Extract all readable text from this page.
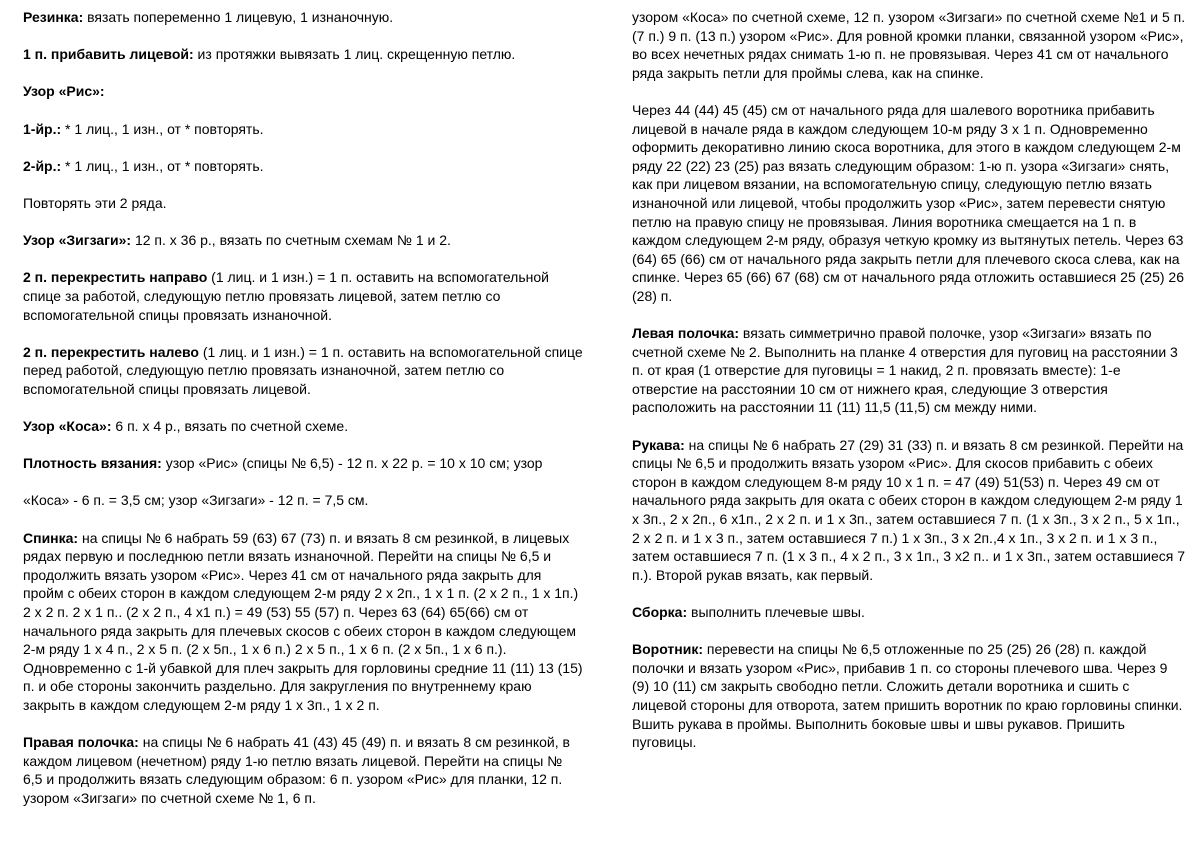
Резинка: вязать попеременно 1 лицевую, 1 изнаночную.

1 п. прибавить лицевой: из протяжки вывязать 1 лиц. скрещенную петлю.

Узор «Рис»:

1-йр.: * 1 лиц., 1 изн., от * повторять.

2-йр.: * 1 лиц., 1 изн., от * повторять.

Повторять эти 2 ряда.

Узор «Зигзаги»: 12 п. х 36 р., вязать по счетным схемам № 1 и 2.

2 п. перекрестить направо (1 лиц. и 1 изн.) = 1 п. оставить на вспомогательной спице за работой, следующую петлю провязать лицевой, затем петлю со вспомогательной спицы провязать изнаночной.

2 п. перекрестить налево (1 лиц. и 1 изн.) = 1 п. оставить на вспомогательной спице перед работой, следующую петлю провязать изнаночной, затем петлю со вспомогательной спицы провязать лицевой.

Узор «Коса»: 6 п. х 4 р., вязать по счетной схеме.

Плотность вязания: узор «Рис» (спицы № 6,5) - 12 п. х 22 р. = 10 х 10 см; узор

«Коса» - 6 п. = 3,5 см; узор «Зигзаги» - 12 п. = 7,5 см.

Спинка: на спицы № 6 набрать 59 (63) 67 (73) п. и вязать 8 см резинкой, в лицевых рядах первую и последнюю петли вязать изнаночной. Перейти на спицы № 6,5 и продолжить вязать узором «Рис». Через 41 см от начального ряда закрыть для пройм с обеих сторон в каждом следующем 2-м ряду 2 х 2п., 1 х 1 п. (2 х 2 п., 1 х 1п.) 2 х 2 п. 2 х 1 п.. (2 х 2 п., 4 х1 п.) = 49 (53) 55 (57) п. Через 63 (64) 65(66) см от начального ряда закрыть для плечевых скосов с обеих сторон в каждом следующем 2-м ряду 1 х 4 п., 2 х 5 п. (2 х 5п., 1 х 6 п.) 2 х 5 п., 1 х 6 п. (2 х 5п., 1 х 6 п.). Одновременно с 1-й убавкой для плеч закрыть для горловины средние 11 (11) 13 (15) п. и обе стороны закончить раздельно. Для закругления по внутреннему краю закрыть в каждом следующем 2-м ряду 1 х 3п., 1 х 2 п.

Правая полочка: на спицы № 6 набрать 41 (43) 45 (49) п. и вязать 8 см резинкой, в каждом лицевом (нечетном) ряду 1-ю петлю вязать лицевой. Перейти на спицы № 6,5 и продолжить вязать следующим образом: 6 п. узором «Рис» для планки, 12 п. узором «Зигзаги» по счетной схеме № 1, 6 п.

узором «Коса» по счетной схеме, 12 п. узором «Зигзаги» по счетной схеме №1 и 5 п. (7 п.) 9 п. (13 п.) узором «Рис». Для ровной кромки планки, связанной узором «Рис», во всех нечетных рядах снимать 1-ю п. не провязывая. Через 41 см от начального ряда закрыть петли для проймы слева, как на спинке.

Через 44 (44) 45 (45) см от начального ряда для шалевого воротника прибавить лицевой в начале ряда в каждом следующем 10-м ряду 3 х 1 п. Одновременно оформить декоративно линию скоса воротника, для этого в каждом следующем 2-м ряду 22 (22) 23 (25) раз вязать следующим образом: 1-ю п. узора «Зигзаги» снять, как при лицевом вязании, на вспомогательную спицу, следующую петлю вязать изнаночной или лицевой, чтобы продолжить узор «Рис», затем перевести снятую петлю на правую спицу не провязывая. Линия воротника смещается на 1 п. в каждом следующем 2-м ряду, образуя четкую кромку из вытянутых петель. Через 63 (64) 65 (66) см от начального ряда закрыть петли для плечевого скоса слева, как на спинке. Через 65 (66) 67 (68) см от начального ряда отложить оставшиеся 25 (25) 26 (28) п.

Левая полочка: вязать симметрично правой полочке, узор «Зигзаги» вязать по счетной схеме № 2. Выполнить на планке 4 отверстия для пуговиц на расстоянии 3 п. от края (1 отверстие для пуговицы = 1 накид, 2 п. провязать вместе): 1-е отверстие на расстоянии 10 см от нижнего края, следующие 3 отверстия расположить на расстоянии 11 (11) 11,5 (11,5) см между ними.

Рукава: на спицы № 6 набрать 27 (29) 31 (33) п. и вязать 8 см резинкой. Перейти на спицы № 6,5 и продолжить вязать узором «Рис». Для скосов прибавить с обеих сторон в каждом следующем 8-м ряду 10 х 1 п. = 47 (49) 51(53) п. Через 49 см от начального ряда закрыть для оката с обеих сторон в каждом следующем 2-м ряду 1 х 3п., 2 х 2п., 6 х1п., 2 х 2 п. и 1 х 3п., затем оставшиеся 7 п. (1 х 3п., 3 х 2 п., 5 х 1п., 2 х 2 п. и 1 х 3 п., затем оставшиеся 7 п.) 1 х 3п., 3 х 2п.,4 х 1п., 3 х 2 п. и 1 х 3 п., затем оставшиеся 7 п. (1 х 3 п., 4 х 2 п., 3 х 1п., 3 х2 п.. и 1 х 3п., затем оставшиеся 7 п.). Второй рукав вязать, как первый.

Сборка: выполнить плечевые швы.

Воротник: перевести на спицы № 6,5 отложенные по 25 (25) 26 (28) п. каждой полочки и вязать узором «Рис», прибавив 1 п. со стороны плечевого шва. Через 9 (9) 10 (11) см закрыть свободно петли. Сложить детали воротника и сшить с лицевой стороны для отворота, затем пришить воротник по краю горловины спинки. Вшить рукава в проймы. Выполнить боковые швы и швы рукавов. Пришить пуговицы.
